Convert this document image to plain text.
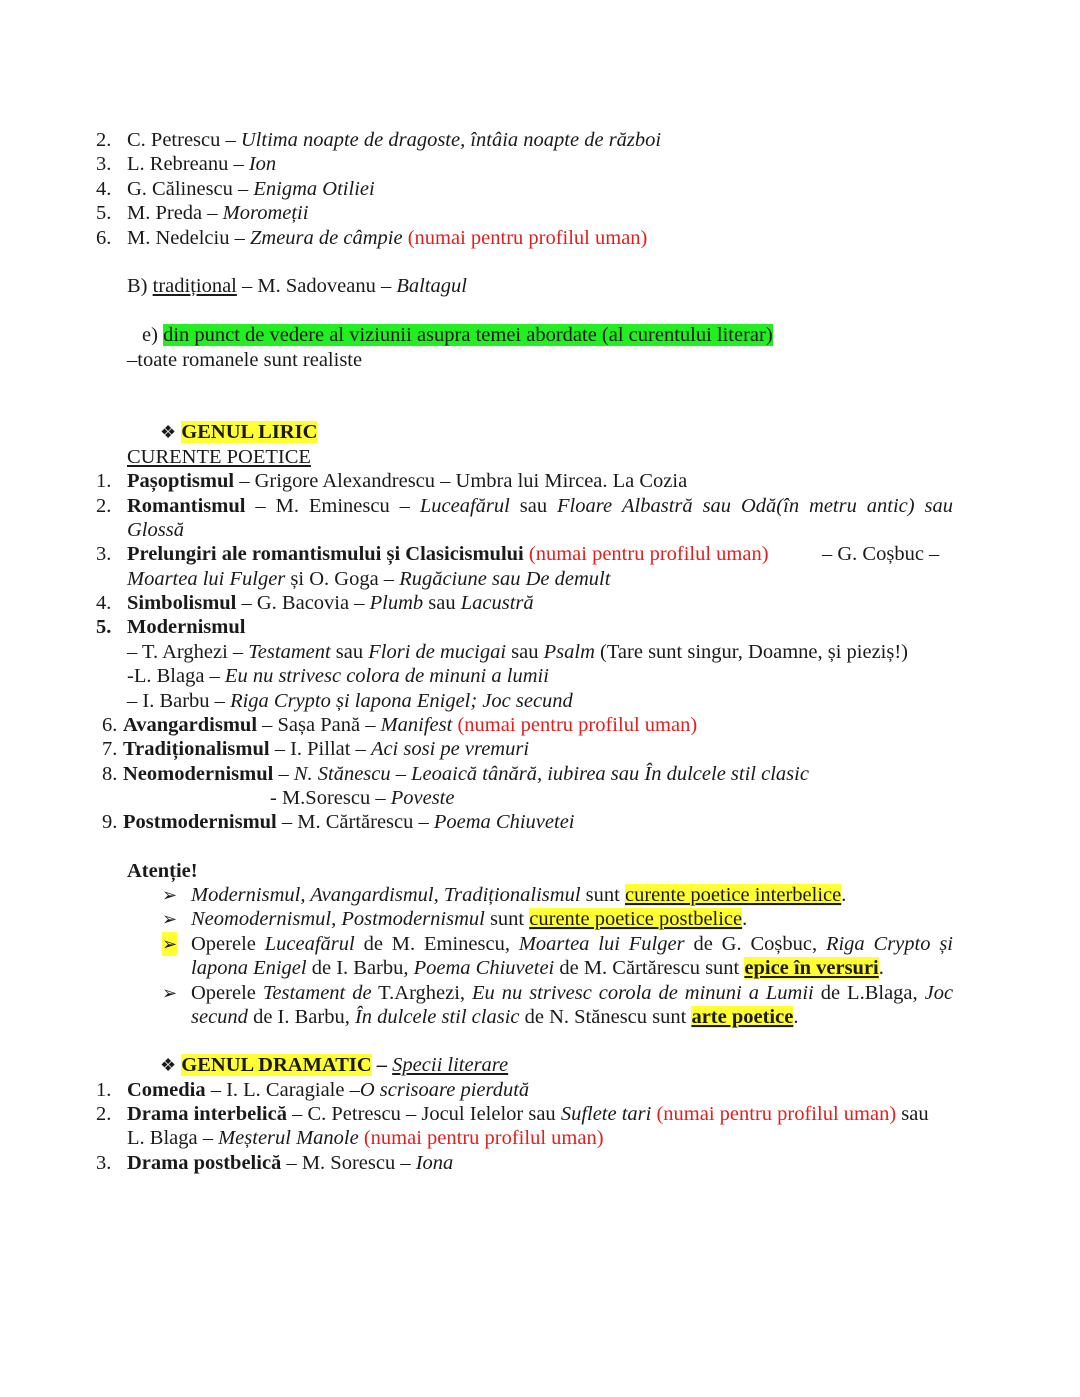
2. C. Petrescu – Ultima noapte de dragoste, întâia noapte de război
3. L. Rebreanu – Ion
4. G. Călinescu – Enigma Otiliei
5. M. Preda – Moromeții
6. M. Nedelciu – Zmeura de câmpie (numai pentru profilul uman)
B) tradițional – M. Sadoveanu – Baltagul
e) din punct de vedere al viziunii asupra temei abordate (al curentului literar)
–toate romanele sunt realiste
❖ GENUL LIRIC
CURENTE POETICE
1. Pașoptismul – Grigore Alexandrescu – Umbra lui Mircea. La Cozia
2. Romantismul – M. Eminescu – Luceafărul sau Floare Albastră sau Odă(în metru antic) sau
Glossă
3. Prelungiri ale romantismului și Clasicismului (numai pentru profilul uman)	– G. Coșbuc –
Moartea lui Fulger și O. Goga – Rugăciune sau De demult
4. Simbolismul – G. Bacovia – Plumb sau Lacustră
5. Modernismul
– T. Arghezi – Testament sau Flori de mucigai sau Psalm (Tare sunt singur, Doamne, și pieziș!)
-L. Blaga – Eu nu strivesc colora de minuni a lumii
– I. Barbu – Riga Crypto și lapona Enigel; Joc secund
6. Avangardismul – Sașa Pană – Manifest (numai pentru profilul uman)
7. Tradiționalismul – I. Pillat – Aci sosi pe vremuri
8. Neomodernismul – N. Stănescu – Leoaică tânără, iubirea sau În dulcele stil clasic
- M.Sorescu – Poveste
9. Postmodernismul – M. Cărtărescu – Poema Chiuvetei
Atenție!
➢ Modernismul, Avangardismul, Tradiționalismul sunt curente poetice interbelice.
➢ Neomodernismul, Postmodernismul sunt curente poetice postbelice.
➢ Operele Luceafărul de M. Eminescu, Moartea lui Fulger de G. Coșbuc, Riga Crypto și
lapona Enigel de I. Barbu, Poema Chiuvetei de M. Cărtărescu sunt epice în versuri.
➢ Operele Testament de T.Arghezi, Eu nu strivesc corola de minuni a Lumii de L.Blaga, Joc
secund de I. Barbu, În dulcele stil clasic de N. Stănescu sunt arte poetice.
❖ GENUL DRAMATIC – Specii literare
1. Comedia – I. L. Caragiale –O scrisoare pierdută
2. Drama interbelică – C. Petrescu – Jocul Ielelor sau Suflete tari (numai pentru profilul uman) sau
L. Blaga – Meșterul Manole (numai pentru profilul uman)
3. Drama postbelică – M. Sorescu – Iona
